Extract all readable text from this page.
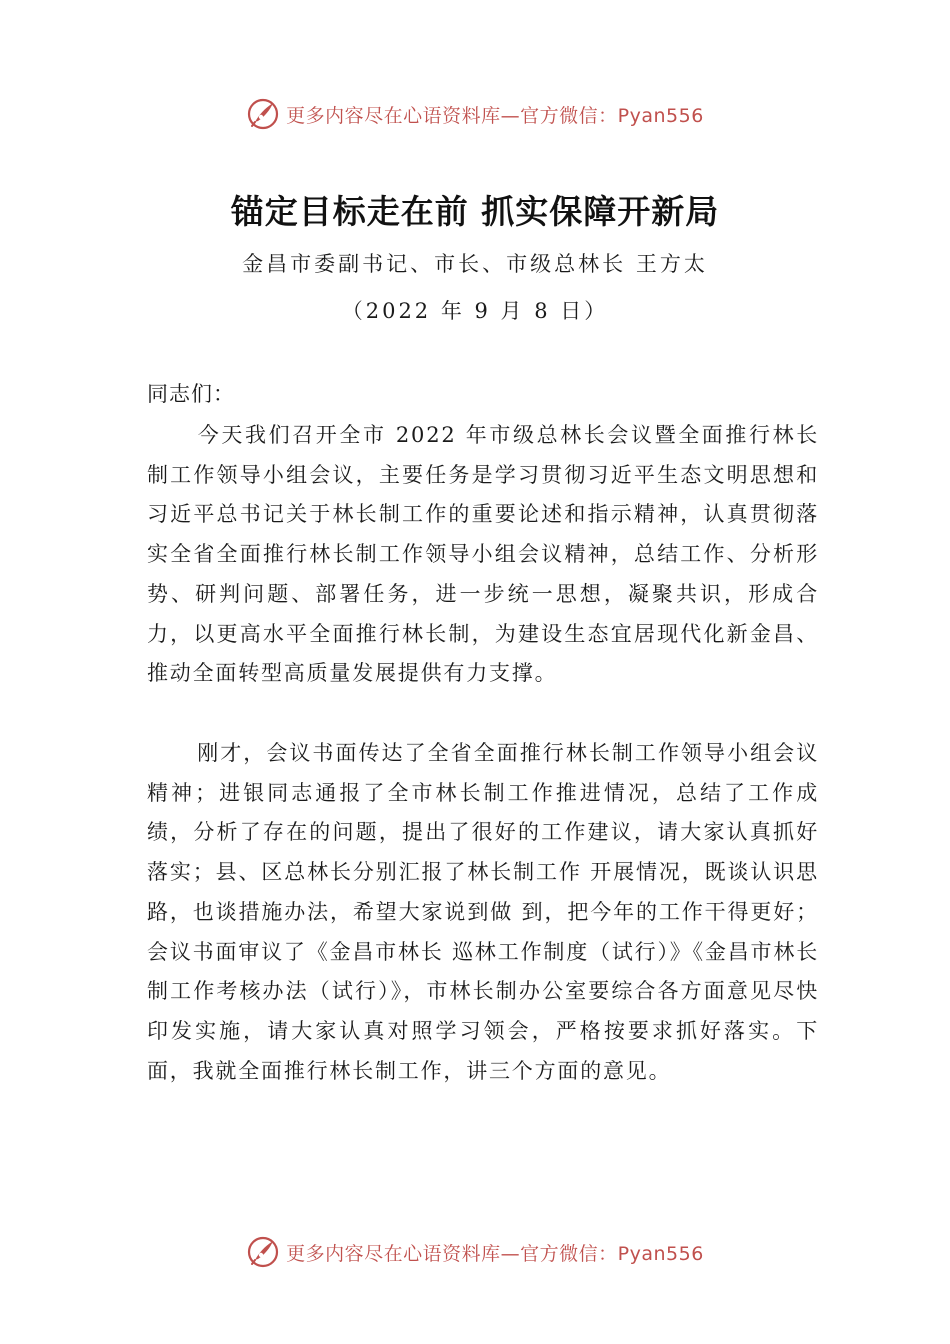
更多内容尽在心语资料库—官方微信：Pyan556
锚定目标走在前 抓实保障开新局
金昌市委副书记、市长、市级总林长 王方太
（2022 年 9 月 8 日）
同志们：
今天我们召开全市 2022 年市级总林长会议暨全面推行林长制工作领导小组会议，主要任务是学习贯彻习近平生态文明思想和习近平总书记关于林长制工作的重要论述和指示精神，认真贯彻落实全省全面推行林长制工作领导小组会议精神，总结工作、分析形势、研判问题、部署任务，进一步统一思想，凝聚共识，形成合力，以更高水平全面推行林长制，为建设生态宜居现代化新金昌、推动全面转型高质量发展提供有力支撑。
刚才，会议书面传达了全省全面推行林长制工作领导小组会议精神；进银同志通报了全市林长制工作推进情况，总结了工作成绩，分析了存在的问题，提出了很好的工作建议，请大家认真抓好落实；县、区总林长分别汇报了林长制工作 开展情况，既谈认识思路，也谈措施办法，希望大家说到做 到，把今年的工作干得更好；会议书面审议了《金昌市林长 巡林工作制度（试行）》《金昌市林长制工作考核办法（试行）》，市林长制办公室要综合各方面意见尽快印发实施，请大家认真对照学习领会，严格按要求抓好落实。下面，我就全面推行林长制工作，讲三个方面的意见。
更多内容尽在心语资料库—官方微信：Pyan556
